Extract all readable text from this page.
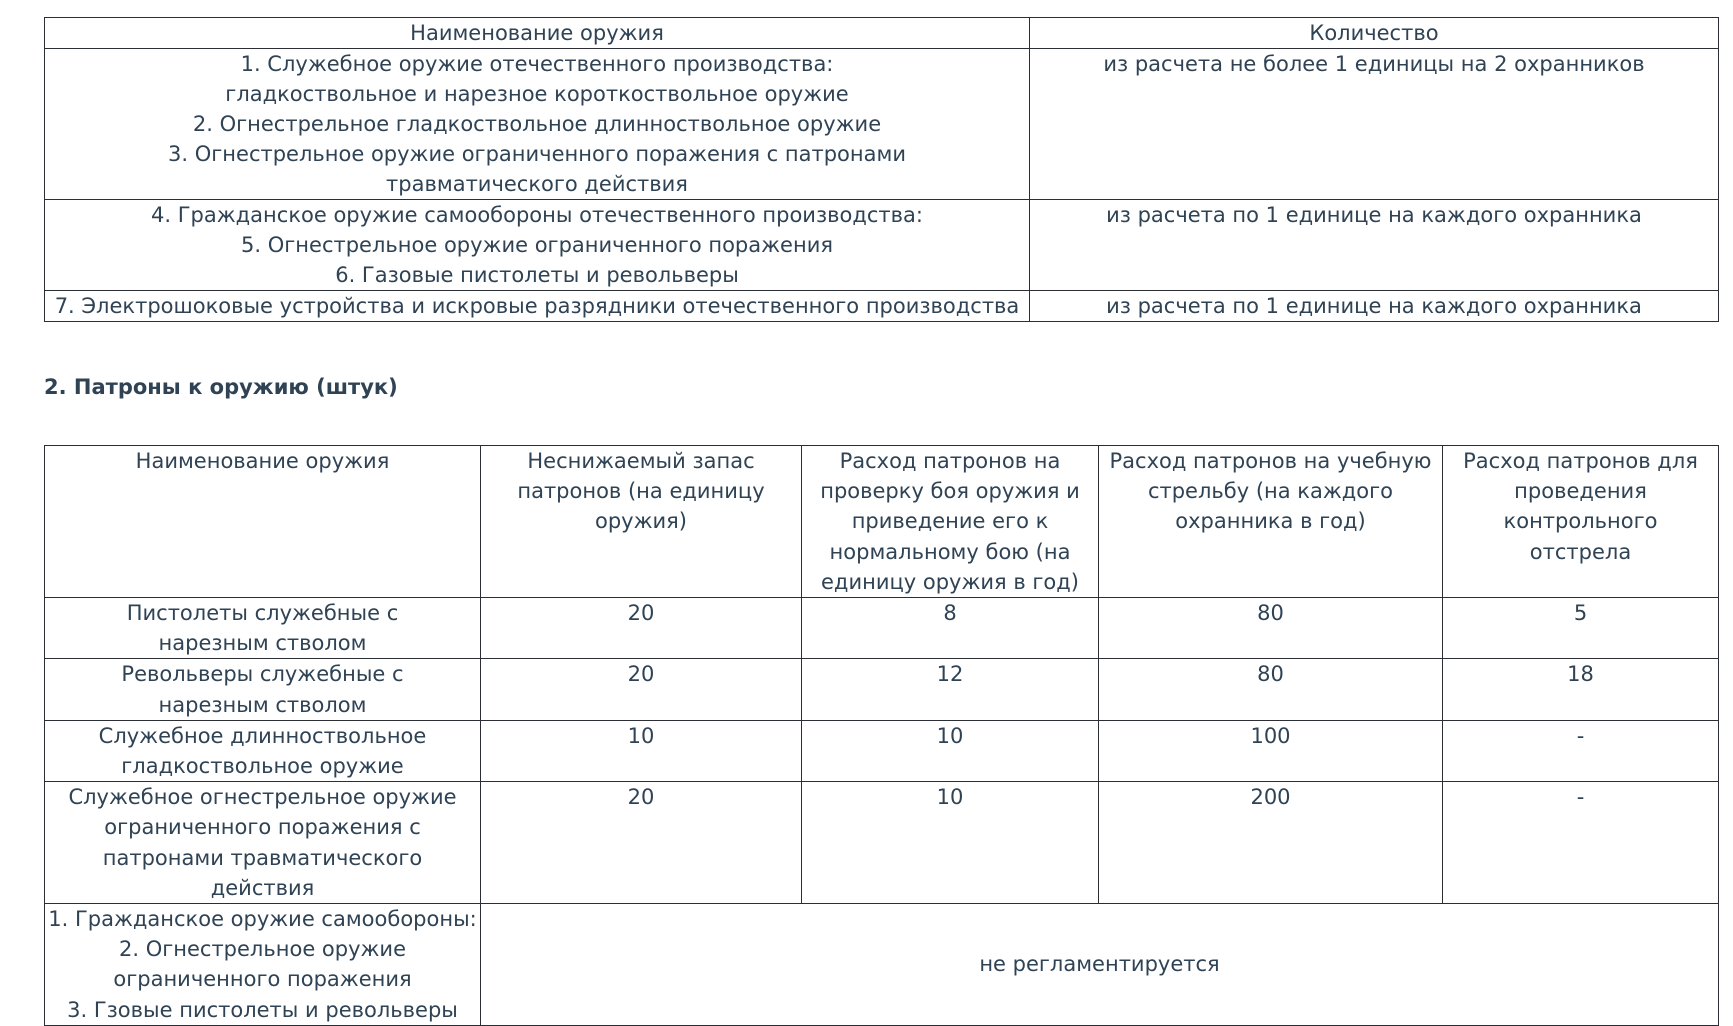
Наименование оружия	Количество

1. Служебное оружие отечественного производства:
гладкоствольное и нарезное короткоствольное оружие
2. Огнестрельное гладкоствольное длинноствольное оружие
3. Огнестрельное оружие ограниченного поражения с патронами травматического действия	из расчета не более 1 единицы на 2 охранников

4. Гражданское оружие самообороны отечественного производства:
5. Огнестрельное оружие ограниченного поражения
6. Газовые пистолеты и револьверы	из расчета по 1 единице на каждого охранника
7. Электрошоковые устройства и искровые разрядники отечественного производства	из расчета по 1 единице на каждого охранника
2. Патроны к оружию (штук)
Наименование оружия	Неснижаемый запас патронов (на единицу оружия)	Расход патронов на проверку боя оружия и приведение его к нормальному бою (на единицу оружия в год)	Расход патронов на учебную стрельбу (на каждого охранника в год)	Расход патронов для проведения контрольного отстрела
Пистолеты служебные с нарезным стволом	20	8	80	5
Револьверы служебные с нарезным стволом	20	12	80	18
Служебное длинноствольное гладкоствольное оружие	10	10	100	-
Служебное огнестрельное оружие ограниченного поражения с патронами травматического действия	20	10	200	-

1. Гражданское оружие самообороны:
2. Огнестрельное оружие ограниченного поражения
3. Гзовые пистолеты и револьверы	не регламентируется			
